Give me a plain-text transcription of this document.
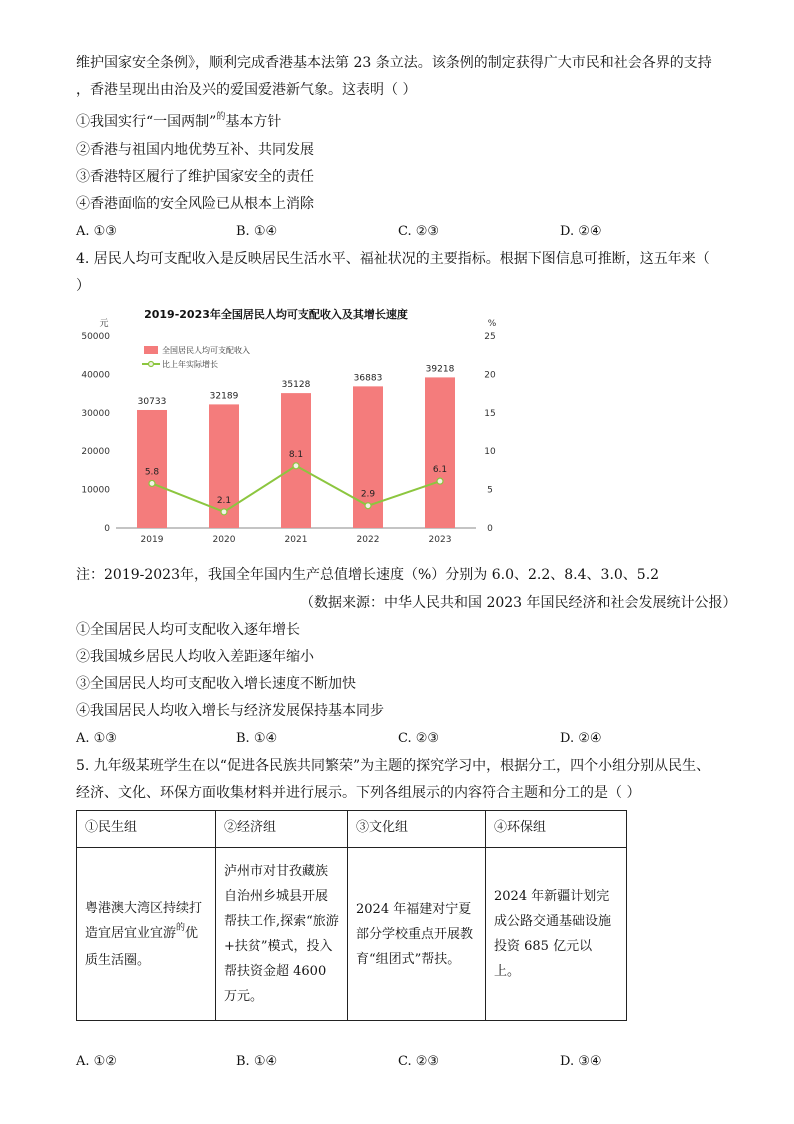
维护国家安全条例》，顺利完成香港基本法第 23 条立法。该条例的制定获得广大市民和社会各界的支持
，香港呈现出由治及兴的爱国爱港新气象。这表明（ ）
①我国实行“一国两制”$^的$基本方针
②香港与祖国内地优势互补、共同发展
③香港特区履行了维护国家安全的责任
④香港面临的安全风险已从根本上消除
A. ①③	B. ①④	C. ②③	D. ②④
4. 居民人均可支配收入是反映居民生活水平、福祉状况的主要指标。根据下图信息可推断，这五年来（
）
2019-2023年全国居民人均可支配收入及其增长速度
元	%
0
10000
20000
30000
40000
50000
0
5
10
15
20
25
2019	2020	2021	2022	2023
30733
32189
35128
36883
39218
5.8
2.1
8.1
2.9
6.1
全国居民人均可支配收入
比上年实际增长
注：2019-2023年，我国全年国内生产总值增长速度（%）分别为 6.0、2.2、8.4、3.0、5.2
（数据来源：中华人民共和国 2023 年国民经济和社会发展统计公报）
①全国居民人均可支配收入逐年增长
②我国城乡居民人均收入差距逐年缩小
③全国居民人均可支配收入增长速度不断加快
④我国居民人均收入增长与经济发展保持基本同步
A. ①③	B. ①④	C. ②③	D. ②④
5. 九年级某班学生在以“促进各民族共同繁荣”为主题的探究学习中，根据分工，四个小组分别从民生、
经济、文化、环保方面收集材料并进行展示。下列各组展示的内容符合主题和分工的是（ ）
①民生组	②经济组	③文化组	④环保组
粤港澳大湾区持续打造宜居宜业宜游$^的$优质生活圈。	泸州市对甘孜藏族自治州乡城县开展帮扶工作,探索“旅游+扶贫”模式，投入帮扶资金超 4600 万元。	2024 年福建对宁夏部分学校重点开展教育“组团式”帮扶。	2024 年新疆计划完成公路交通基础设施投资 685 亿元以上。
A. ①②	B. ①④	C. ②③	D. ③④
